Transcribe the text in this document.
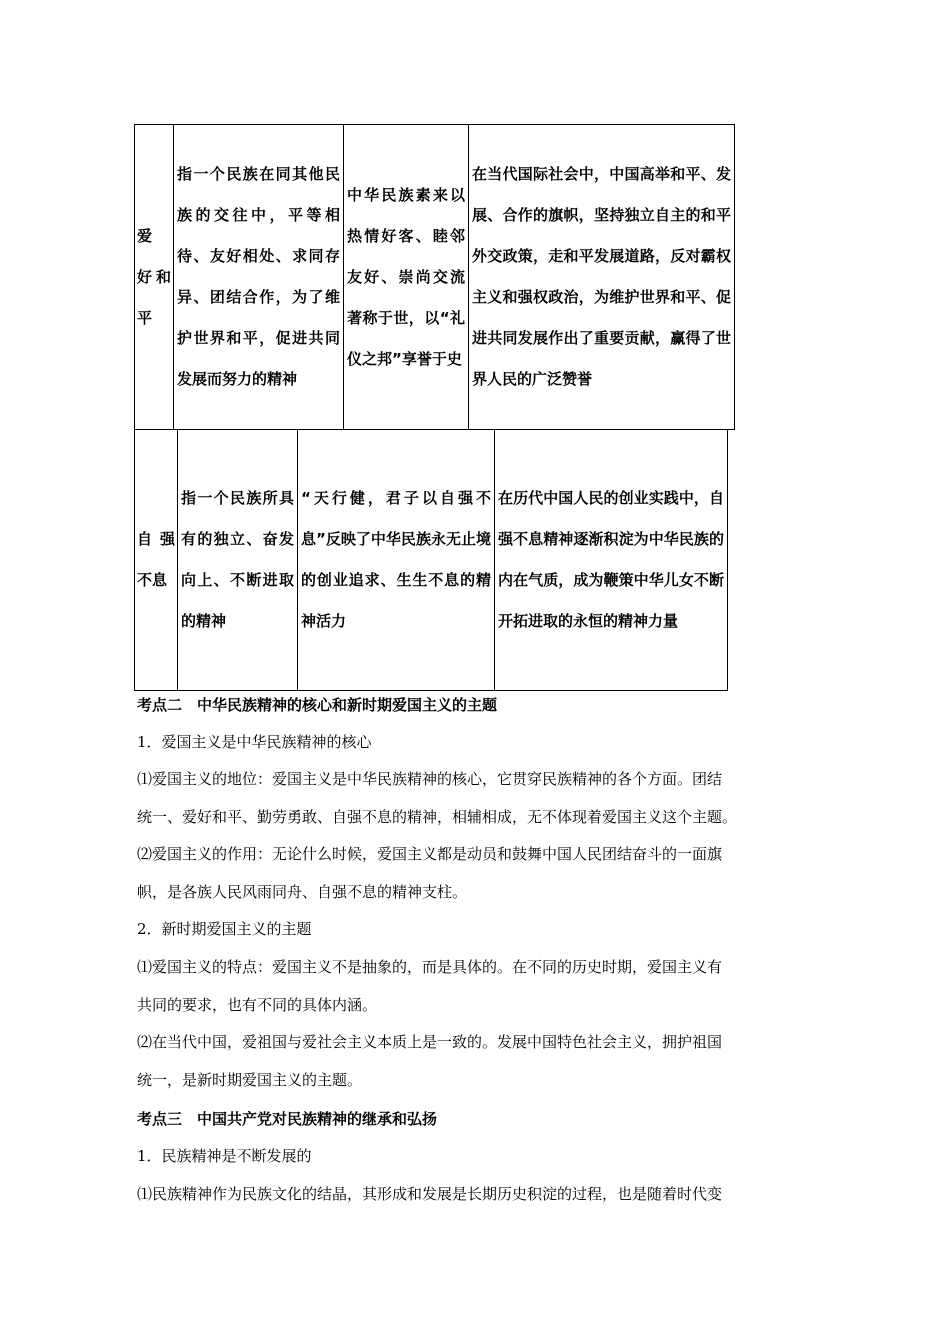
爱 好和平	指一个民族在同其他民族的交往中，平等相待、友好相处、求同存异、团结合作，为了维护世界和平，促进共同发展而努力的精神	中华民族素来以热情好客、睦邻友好、崇尚交流著称于世，以“礼仪之邦”享誉于史	在当代国际社会中，中国高举和平、发展、合作的旗帜，坚持独立自主的和平外交政策，走和平发展道路，反对霸权主义和强权政治，为维护世界和平、促进共同发展作出了重要贡献，赢得了世界人民的广泛赞誉
自 强不息	指一个民族所具有的独立、奋发向上、不断进取的精神	“天行健，君子以自强不息”反映了中华民族永无止境的创业追求、生生不息的精神活力	在历代中国人民的创业实践中，自强不息精神逐渐积淀为中华民族的内在气质，成为鞭策中华儿女不断开拓进取的永恒的精神力量
考点二　中华民族精神的核心和新时期爱国主义的主题
1．爱国主义是中华民族精神的核心
⑴爱国主义的地位：爱国主义是中华民族精神的核心，它贯穿民族精神的各个方面。团结
统一、爱好和平、勤劳勇敢、自强不息的精神，相辅相成，无不体现着爱国主义这个主题。
⑵爱国主义的作用：无论什么时候，爱国主义都是动员和鼓舞中国人民团结奋斗的一面旗
帜，是各族人民风雨同舟、自强不息的精神支柱。
2．新时期爱国主义的主题
⑴爱国主义的特点：爱国主义不是抽象的，而是具体的。在不同的历史时期，爱国主义有
共同的要求，也有不同的具体内涵。
⑵在当代中国，爱祖国与爱社会主义本质上是一致的。发展中国特色社会主义，拥护祖国
统一，是新时期爱国主义的主题。
考点三　中国共产党对民族精神的继承和弘扬
1．民族精神是不断发展的
⑴民族精神作为民族文化的结晶，其形成和发展是长期历史积淀的过程，也是随着时代变
